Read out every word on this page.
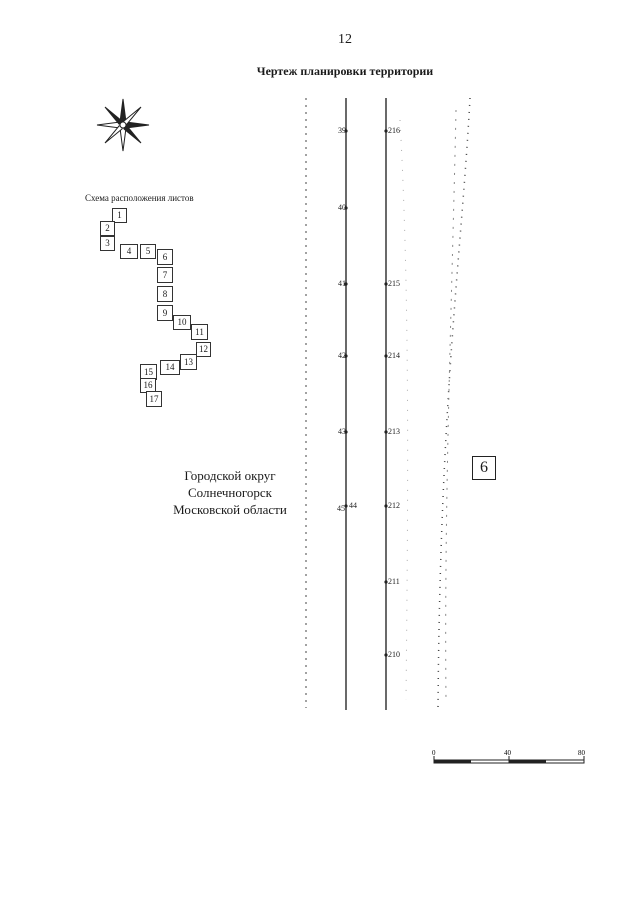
12
Чертеж планировки территории
Схема расположения листов
1
2
3
4	5
6
7
8
9
10
11
12
13
14
15
16
17
Городской округ
Солнечногорск
Московской области
39
40
41
42
43
44
45
216
215
214
213
212
211
210
6
0	40	80
